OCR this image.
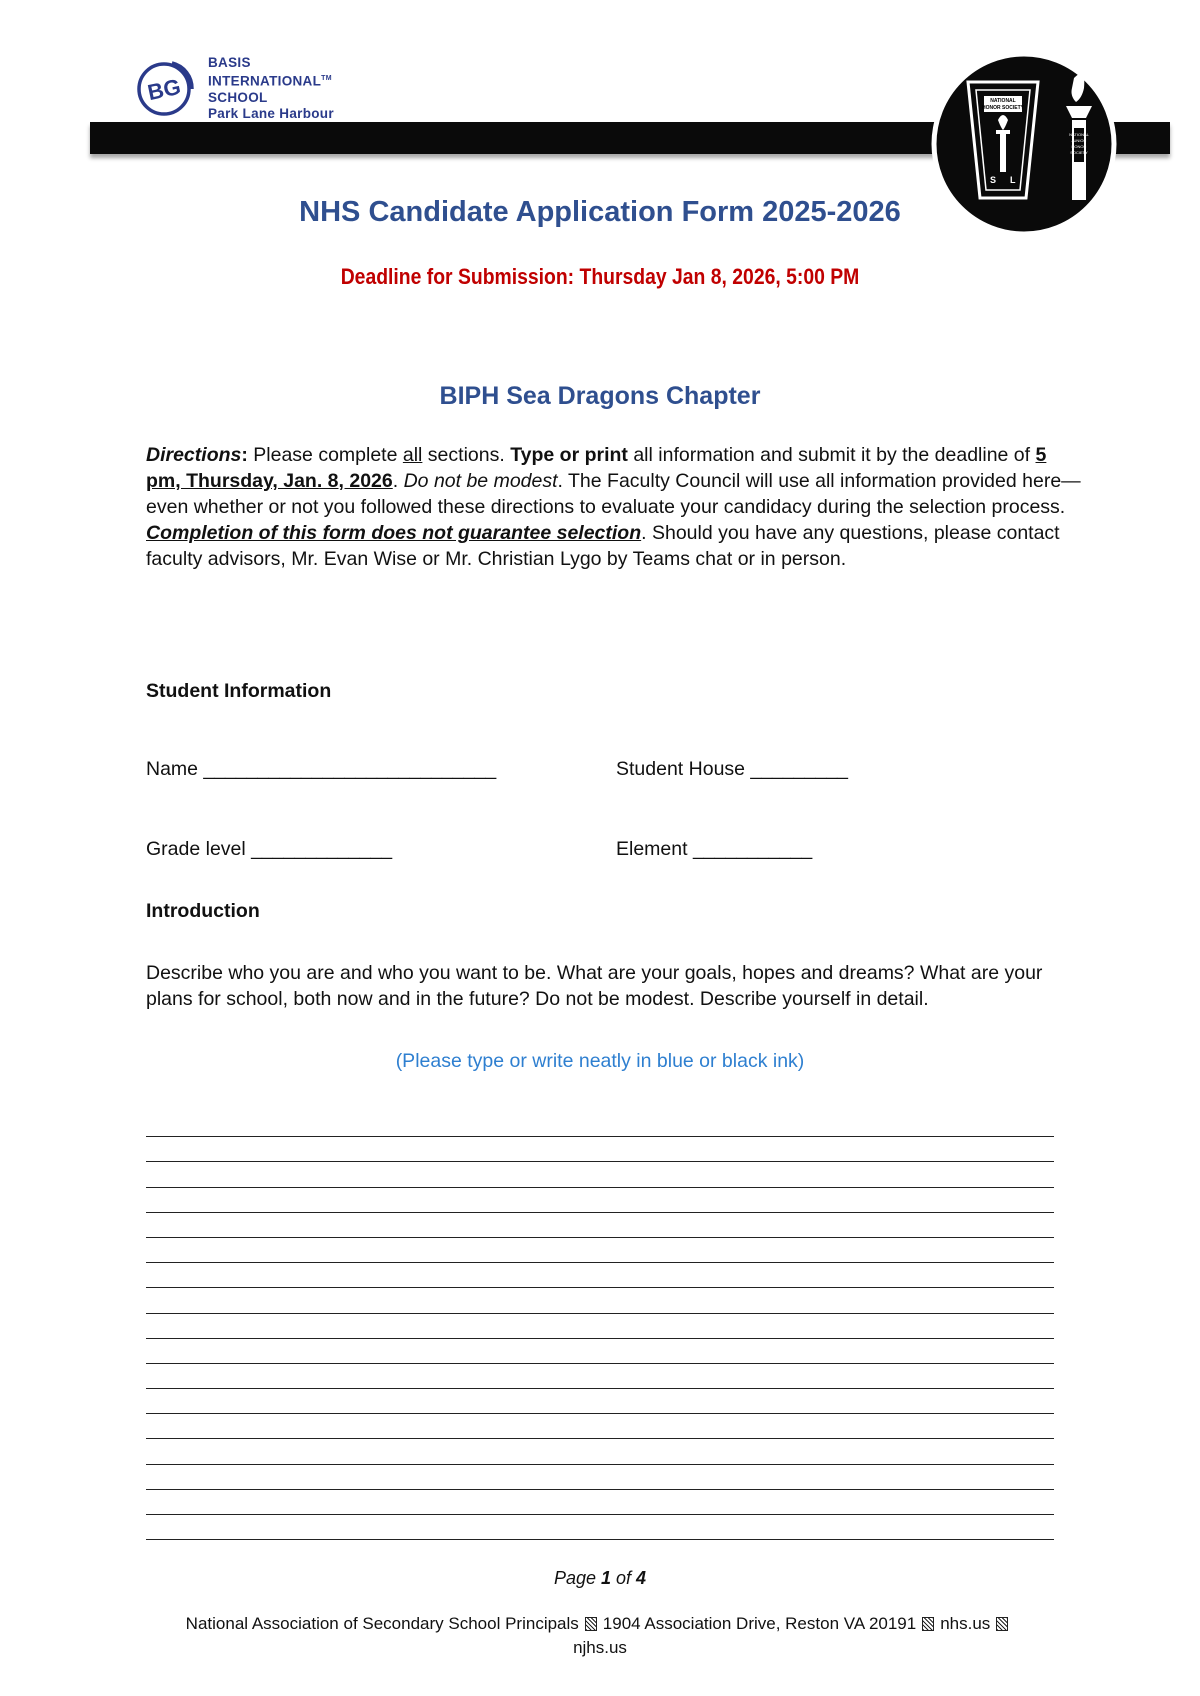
BG
BASIS
INTERNATIONAL™
SCHOOL
Park Lane Harbour
NATIONAL
HONOR SOCIETY
S L
NATIONAL
JUNIOR
HONOR
SOCIETY
NHS Candidate Application Form 2025-2026
Deadline for Submission: Thursday Jan 8, 2026, 5:00 PM
BIPH Sea Dragons Chapter
Directions: Please complete all sections. Type or print all information and submit it by the deadline of 5 pm, Thursday, Jan. 8, 2026. Do not be modest. The Faculty Council will use all information provided here—even whether or not you followed these directions to evaluate your candidacy during the selection process. Completion of this form does not guarantee selection. Should you have any questions, please contact faculty advisors, Mr. Evan Wise or Mr. Christian Lygo by Teams chat or in person.
Student Information
Name ___________________________	Student House _________
Grade level _____________	Element ___________
Introduction
Describe who you are and who you want to be. What are your goals, hopes and dreams? What are your plans for school, both now and in the future? Do not be modest. Describe yourself in detail.
(Please type or write neatly in blue or black ink)
Page 1 of 4
National Association of Secondary School Principals 1904 Association Drive, Reston VA 20191 nhs.us
njhs.us
